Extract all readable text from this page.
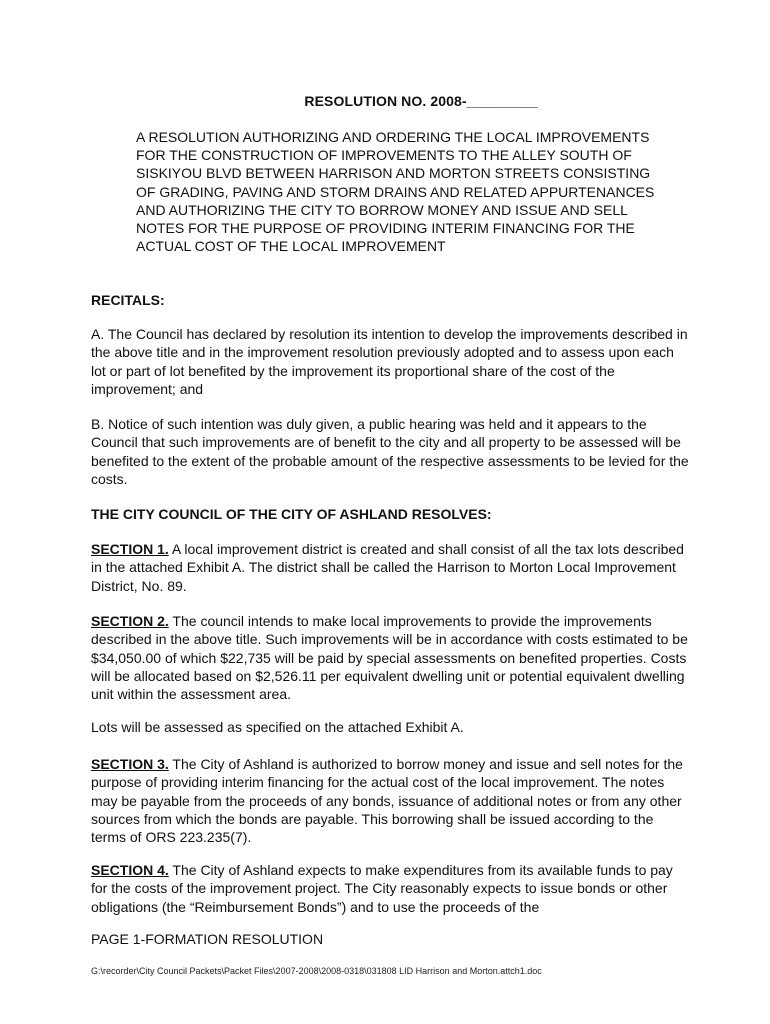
RESOLUTION NO. 2008-_________
A RESOLUTION AUTHORIZING AND ORDERING THE LOCAL IMPROVEMENTS FOR THE CONSTRUCTION OF IMPROVEMENTS TO THE ALLEY SOUTH OF SISKIYOU BLVD BETWEEN HARRISON AND MORTON STREETS CONSISTING OF GRADING, PAVING AND STORM DRAINS AND RELATED APPURTENANCES AND AUTHORIZING THE CITY TO BORROW MONEY AND ISSUE AND SELL NOTES FOR THE PURPOSE OF PROVIDING INTERIM FINANCING FOR THE ACTUAL COST OF THE LOCAL IMPROVEMENT
RECITALS:
A. The Council has declared by resolution its intention to develop the improvements described in the above title and in the improvement resolution previously adopted and to assess upon each lot or part of lot benefited by the improvement its proportional share of the cost of the improvement; and
B. Notice of such intention was duly given, a public hearing was held and it appears to the Council that such improvements are of benefit to the city and all property to be assessed will be benefited to the extent of the probable amount of the respective assessments to be levied for the costs.
THE CITY COUNCIL OF THE CITY OF ASHLAND RESOLVES:
SECTION 1. A local improvement district is created and shall consist of all the tax lots described in the attached Exhibit A. The district shall be called the Harrison to Morton Local Improvement District, No. 89.
SECTION 2. The council intends to make local improvements to provide the improvements described in the above title. Such improvements will be in accordance with costs estimated to be $34,050.00 of which $22,735 will be paid by special assessments on benefited properties. Costs will be allocated based on $2,526.11 per equivalent dwelling unit or potential equivalent dwelling unit within the assessment area.
Lots will be assessed as specified on the attached Exhibit A.
SECTION 3. The City of Ashland is authorized to borrow money and issue and sell notes for the purpose of providing interim financing for the actual cost of the local improvement. The notes may be payable from the proceeds of any bonds, issuance of additional notes or from any other sources from which the bonds are payable. This borrowing shall be issued according to the terms of ORS 223.235(7).
SECTION 4. The City of Ashland expects to make expenditures from its available funds to pay for the costs of the improvement project. The City reasonably expects to issue bonds or other obligations (the “Reimbursement Bonds”) and to use the proceeds of the
PAGE 1-FORMATION RESOLUTION
G:\recorder\City Council Packets\Packet Files\2007-2008\2008-0318\031808 LID Harrison and Morton.attch1.doc
